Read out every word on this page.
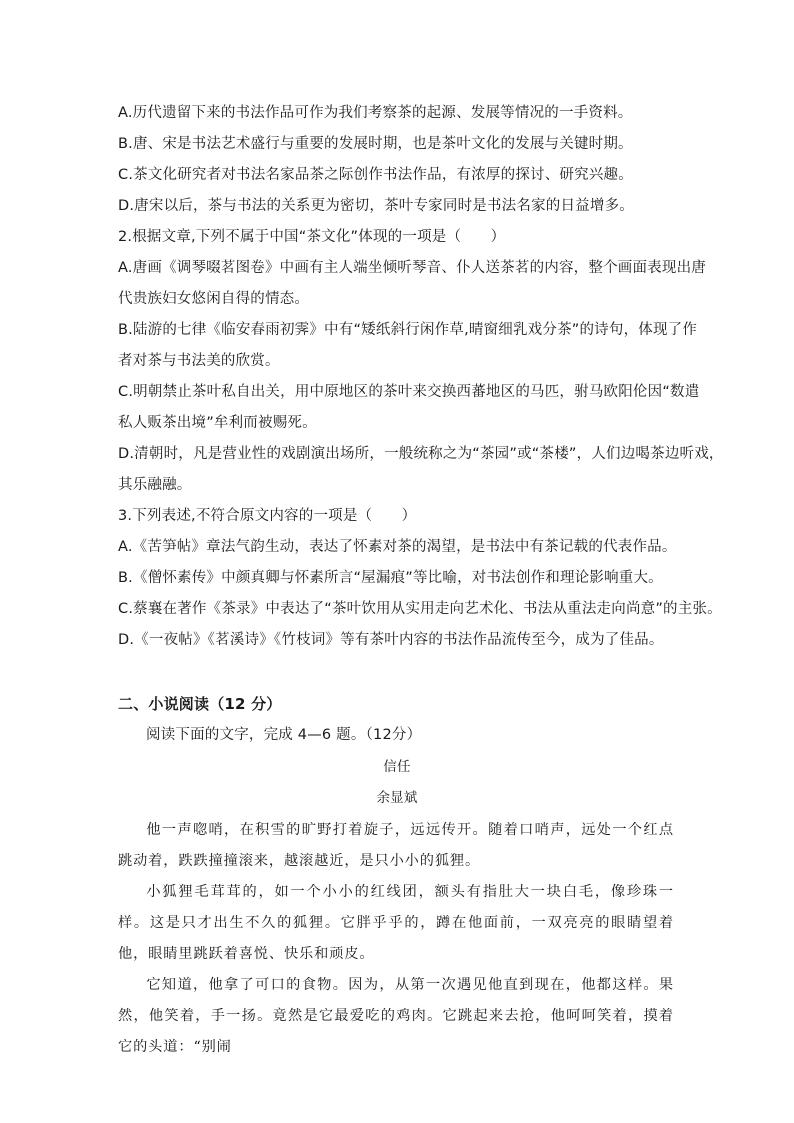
A.历代遗留下来的书法作品可作为我们考察茶的起源、发展等情况的一手资料。
B.唐、宋是书法艺术盛行与重要的发展时期，也是茶叶文化的发展与关键时期。
C.茶文化研究者对书法名家品茶之际创作书法作品，有浓厚的探讨、研究兴趣。
D.唐宋以后，茶与书法的关系更为密切，茶叶专家同时是书法名家的日益增多。
2.根据文章,下列不属于中国“茶文化”体现的一项是（　　）
A.唐画《调琴啜茗图卷》中画有主人端坐倾听琴音、仆人送茶茗的内容，整个画面表现出唐
代贵族妇女悠闲自得的情态。
B.陆游的七律《临安春雨初霁》中有“矮纸斜行闲作草,晴窗细乳戏分茶”的诗句，体现了作
者对茶与书法美的欣赏。
C.明朝禁止茶叶私自出关，用中原地区的茶叶来交换西蕃地区的马匹，驸马欧阳伦因“数遣
私人贩茶出境”牟利而被赐死。
D.清朝时，凡是营业性的戏剧演出场所，一般统称之为“茶园”或“茶楼”，人们边喝茶边听戏，
其乐融融。
3.下列表述,不符合原文内容的一项是（　　）
A.《苦笋帖》章法气韵生动，表达了怀素对茶的渴望，是书法中有茶记载的代表作品。
B.《僧怀素传》中颜真卿与怀素所言“屋漏痕”等比喻，对书法创作和理论影响重大。
C.蔡襄在著作《茶录》中表达了“茶叶饮用从实用走向艺术化、书法从重法走向尚意”的主张。
D.《一夜帖》《茗溪诗》《竹枝词》等有茶叶内容的书法作品流传至今，成为了佳品。
二、小说阅读（12 分）
阅读下面的文字，完成 4—6 题。（12分）
信任
余显斌

他一声唿哨，在积雪的旷野打着旋子，远远传开。随着口哨声，远处一个红点跳动着，跌跌撞撞滚来，越滚越近，是只小小的狐狸。

小狐狸毛茸茸的，如一个小小的红线团，额头有指肚大一块白毛，像珍珠一样。这是只才出生不久的狐狸。它胖乎乎的，蹲在他面前，一双亮亮的眼睛望着他，眼睛里跳跃着喜悦、快乐和顽皮。

它知道，他拿了可口的食物。因为，从第一次遇见他直到现在，他都这样。果然，他笑着，手一扬。竟然是它最爱吃的鸡肉。它跳起来去抢，他呵呵笑着，摸着它的头道：“别闹
